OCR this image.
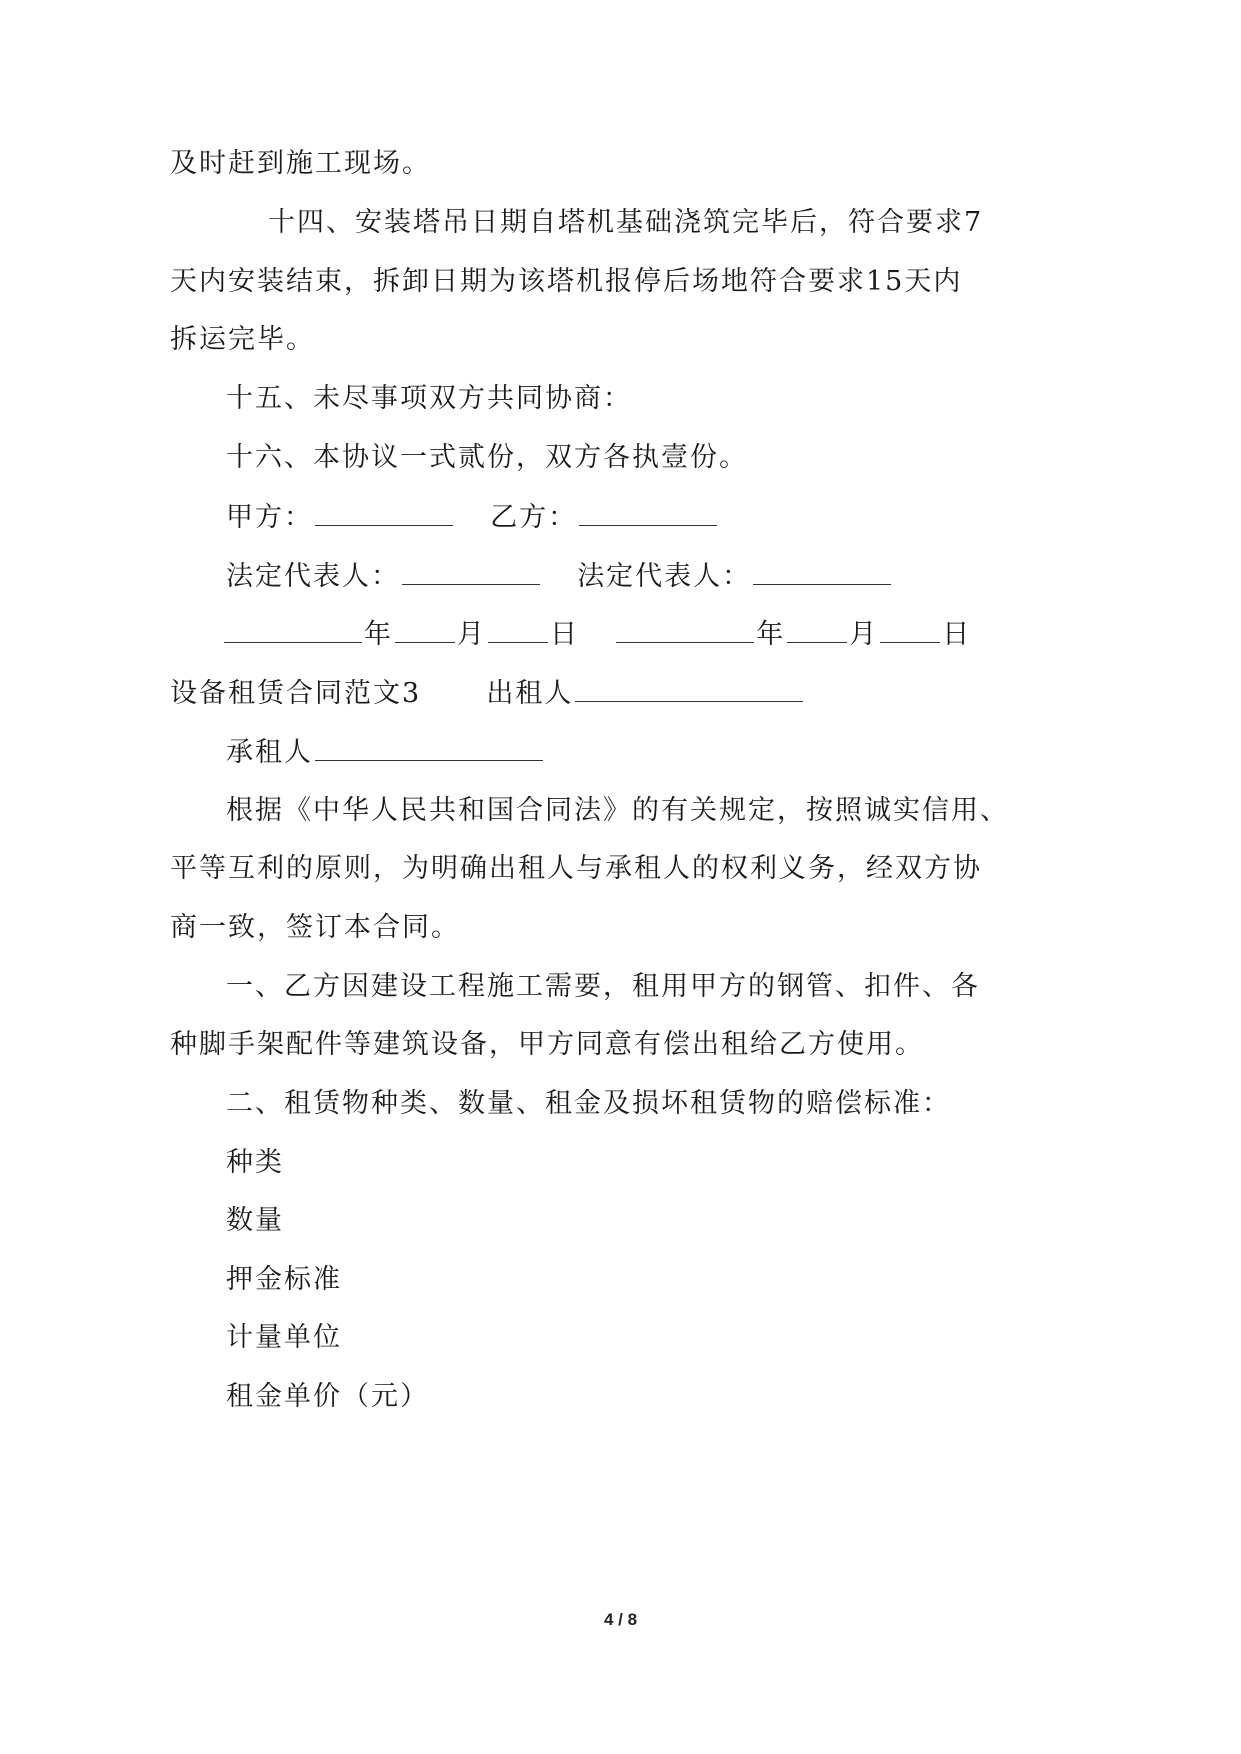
及时赶到施工现场。
十四、安装塔吊日期自塔机基础浇筑完毕后，符合要求7
天内安装结束，拆卸日期为该塔机报停后场地符合要求15天内
拆运完毕。
十五、未尽事项双方共同协商：
十六、本协议一式贰份，双方各执壹份。
甲方：	乙方：
法定代表人：	法定代表人：
年 月 日	年 月 日
设备租赁合同范文3 出租人
承租人
根据《中华人民共和国合同法》的有关规定，按照诚实信用、
平等互利的原则，为明确出租人与承租人的权利义务，经双方协
商一致，签订本合同。
一、乙方因建设工程施工需要，租用甲方的钢管、扣件、各
种脚手架配件等建筑设备，甲方同意有偿出租给乙方使用。
二、租赁物种类、数量、租金及损坏租赁物的赔偿标准：
种类
数量
押金标准
计量单位
租金单价（元）
4 / 8
